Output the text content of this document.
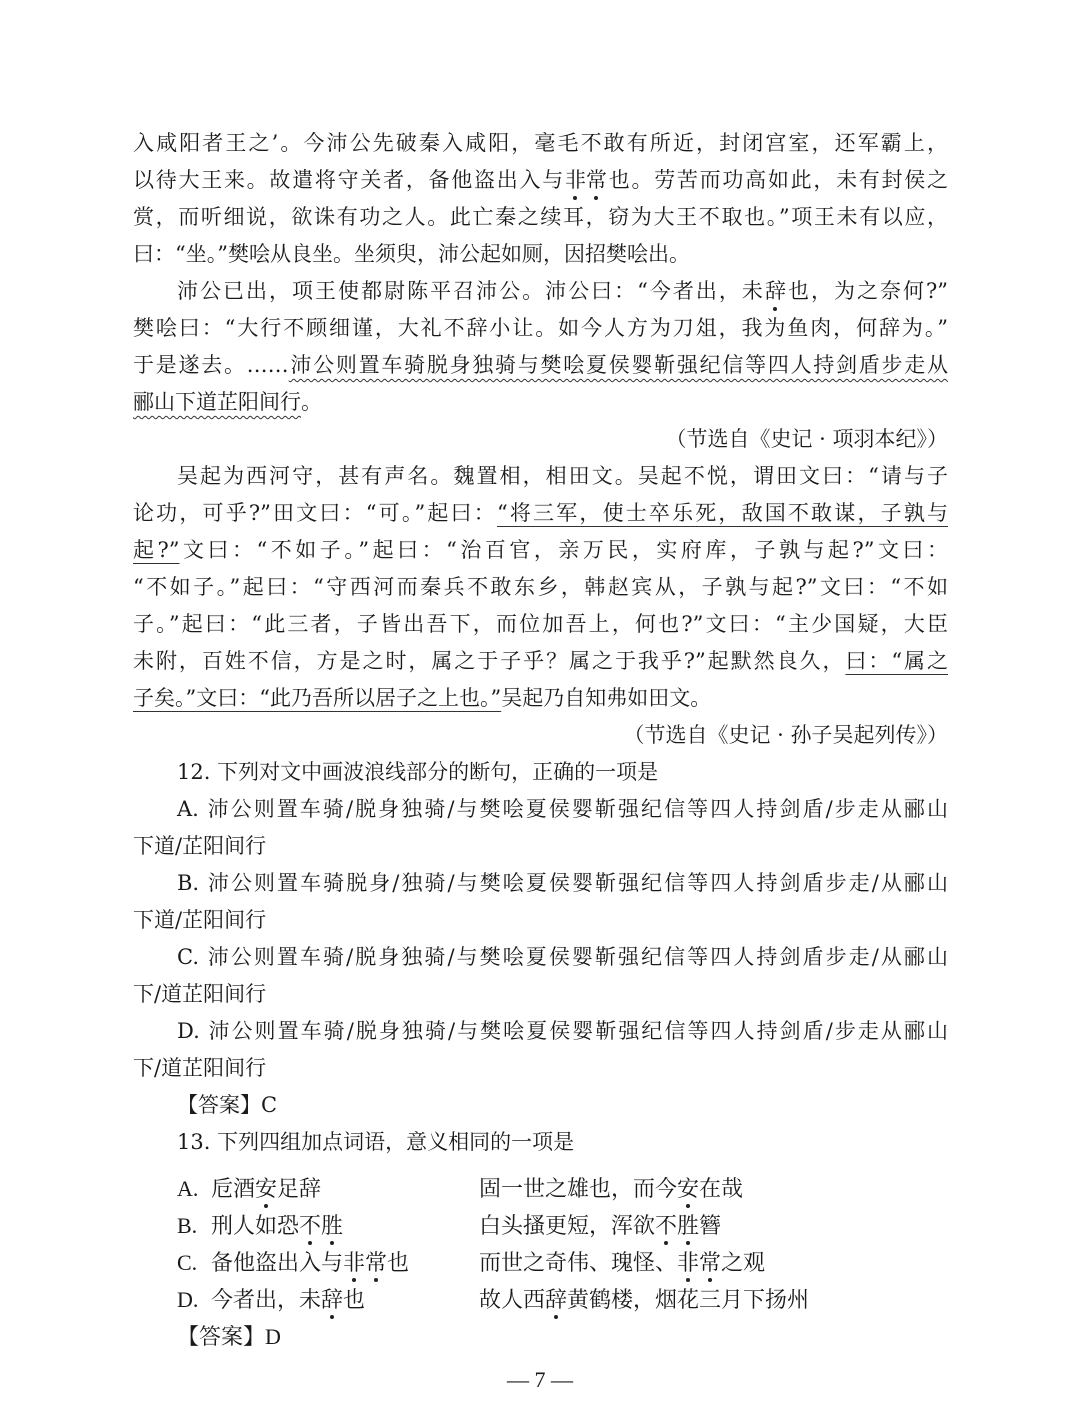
入咸阳者王之’。今沛公先破秦入咸阳，毫毛不敢有所近，封闭宫室，还军霸上，
以待大王来。故遣将守关者，备他盗出入与非常也。劳苦而功高如此，未有封侯之
赏，而听细说，欲诛有功之人。此亡秦之续耳，窃为大王不取也。”项王未有以应，
曰：“坐。”樊哙从良坐。坐须臾，沛公起如厕，因招樊哙出。
沛公已出，项王使都尉陈平召沛公。沛公曰：“今者出，未辞也，为之奈何?”
樊哙曰：“大行不顾细谨，大礼不辞小让。如今人方为刀俎，我为鱼肉，何辞为。”
于是遂去。……沛公则置车骑脱身独骑与樊哙夏侯婴靳强纪信等四人持剑盾步走从
郦山下道芷阳间行。
（节选自《史记 · 项羽本纪》）
吴起为西河守，甚有声名。魏置相，相田文。吴起不悦，谓田文曰：“请与子
论功，可乎?”田文曰：“可。”起曰：“将三军，使士卒乐死，敌国不敢谋，子孰与
起?”文曰：“不如子。”起曰：“治百官，亲万民，实府库，子孰与起?”文曰：
“不如子。”起曰：“守西河而秦兵不敢东乡，韩赵宾从，子孰与起?”文曰：“不如
子。”起曰：“此三者，子皆出吾下，而位加吾上，何也?”文曰：“主少国疑，大臣
未附，百姓不信，方是之时，属之于子乎？属之于我乎?”起默然良久，曰：“属之
子矣。”文曰：“此乃吾所以居子之上也。”吴起乃自知弗如田文。
（节选自《史记 · 孙子吴起列传》）
12. 下列对文中画波浪线部分的断句，正确的一项是
A. 沛公则置车骑/脱身独骑/与樊哙夏侯婴靳强纪信等四人持剑盾/步走从郦山
下道/芷阳间行
B. 沛公则置车骑脱身/独骑/与樊哙夏侯婴靳强纪信等四人持剑盾步走/从郦山
下道/芷阳间行
C. 沛公则置车骑/脱身独骑/与樊哙夏侯婴靳强纪信等四人持剑盾步走/从郦山
下/道芷阳间行
D. 沛公则置车骑/脱身独骑/与樊哙夏侯婴靳强纪信等四人持剑盾/步走从郦山
下/道芷阳间行
【答案】C
13. 下列四组加点词语，意义相同的一项是
A. 卮酒安足辞	固一世之雄也，而今安在哉
B. 刑人如恐不胜	白头搔更短，浑欲不胜簪
C. 备他盗出入与非常也	而世之奇伟、瑰怪、非常之观
D. 今者出，未辞也	故人西辞黄鹤楼，烟花三月下扬州
【答案】D
— 7 —
